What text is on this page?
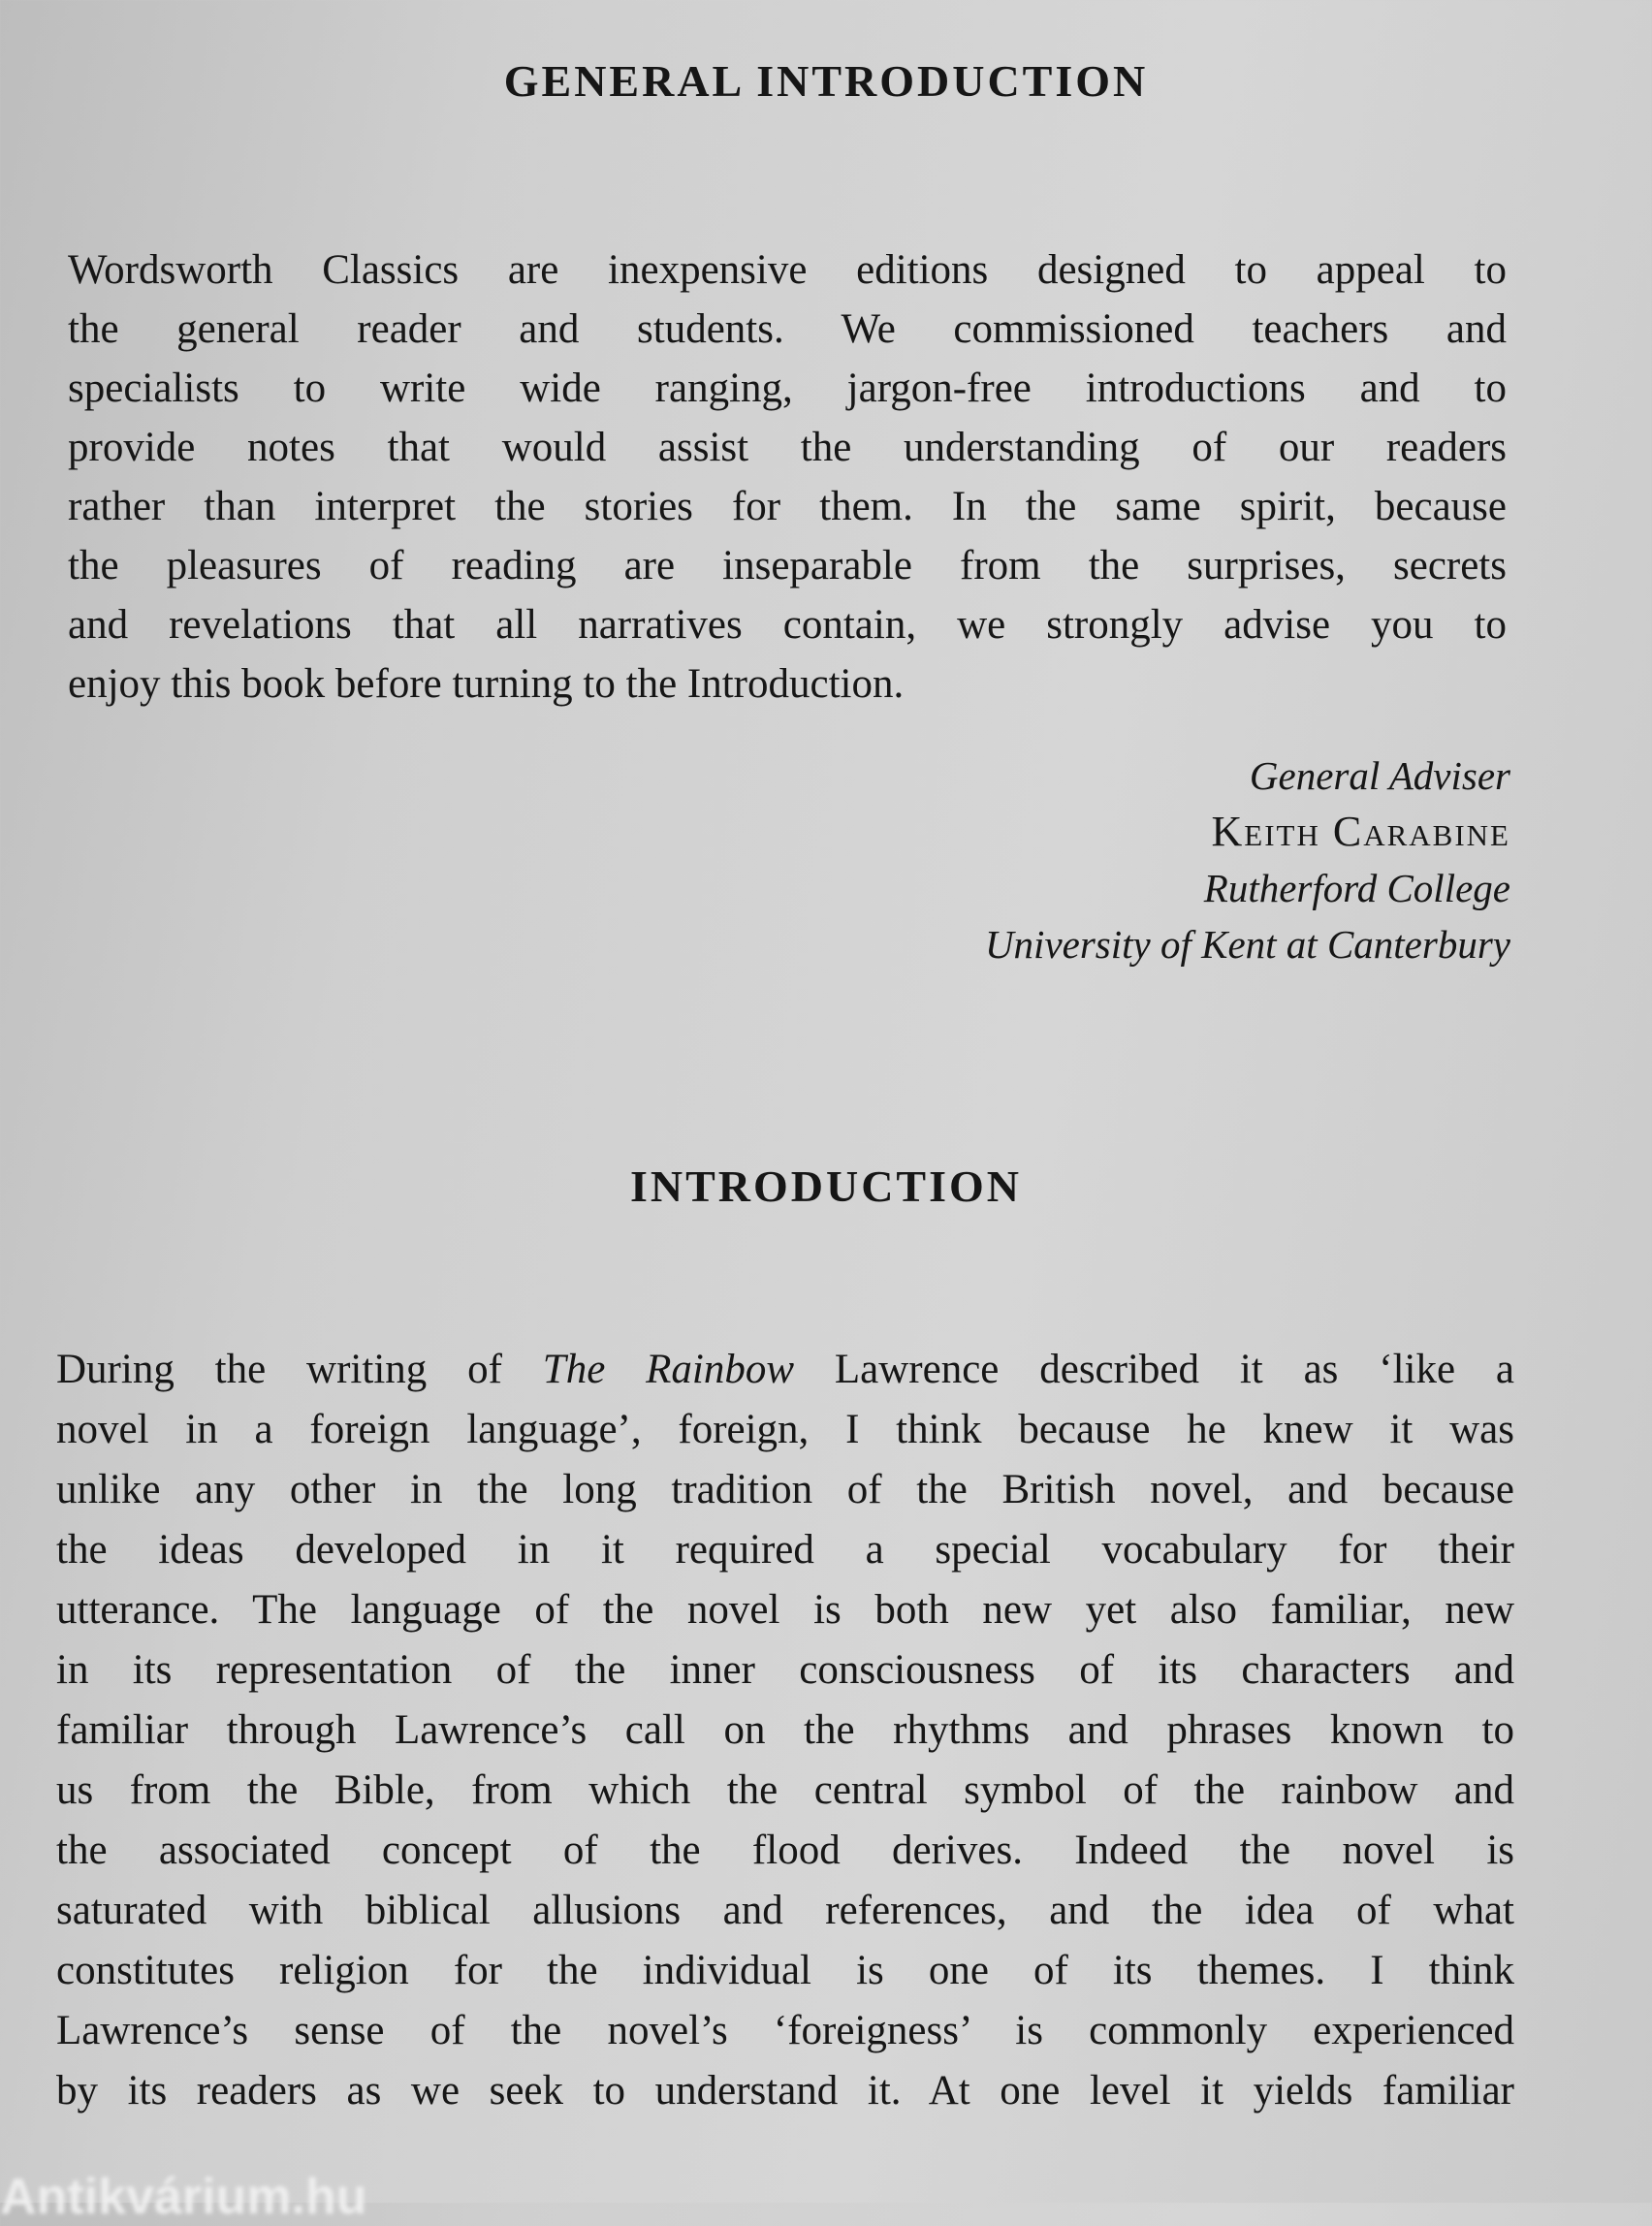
GENERAL INTRODUCTION
Wordsworth Classics are inexpensive editions designed to appeal to
the general reader and students. We commissioned teachers and
specialists to write wide ranging, jargon-free introductions and to
provide notes that would assist the understanding of our readers
rather than interpret the stories for them. In the same spirit, because
the pleasures of reading are inseparable from the surprises, secrets
and revelations that all narratives contain, we strongly advise you to
enjoy this book before turning to the Introduction.
General Adviser
Keith Carabine
Rutherford College
University of Kent at Canterbury
INTRODUCTION
During the writing of The Rainbow Lawrence described it as ‘like a
novel in a foreign language’, foreign, I think because he knew it was
unlike any other in the long tradition of the British novel, and because
the ideas developed in it required a special vocabulary for their
utterance. The language of the novel is both new yet also familiar, new
in its representation of the inner consciousness of its characters and
familiar through Lawrence’s call on the rhythms and phrases known to
us from the Bible, from which the central symbol of the rainbow and
the associated concept of the flood derives. Indeed the novel is
saturated with biblical allusions and references, and the idea of what
constitutes religion for the individual is one of its themes. I think
Lawrence’s sense of the novel’s ‘foreigness’ is commonly experienced
by its readers as we seek to understand it. At one level it yields familiar
Antikvárium.hu
